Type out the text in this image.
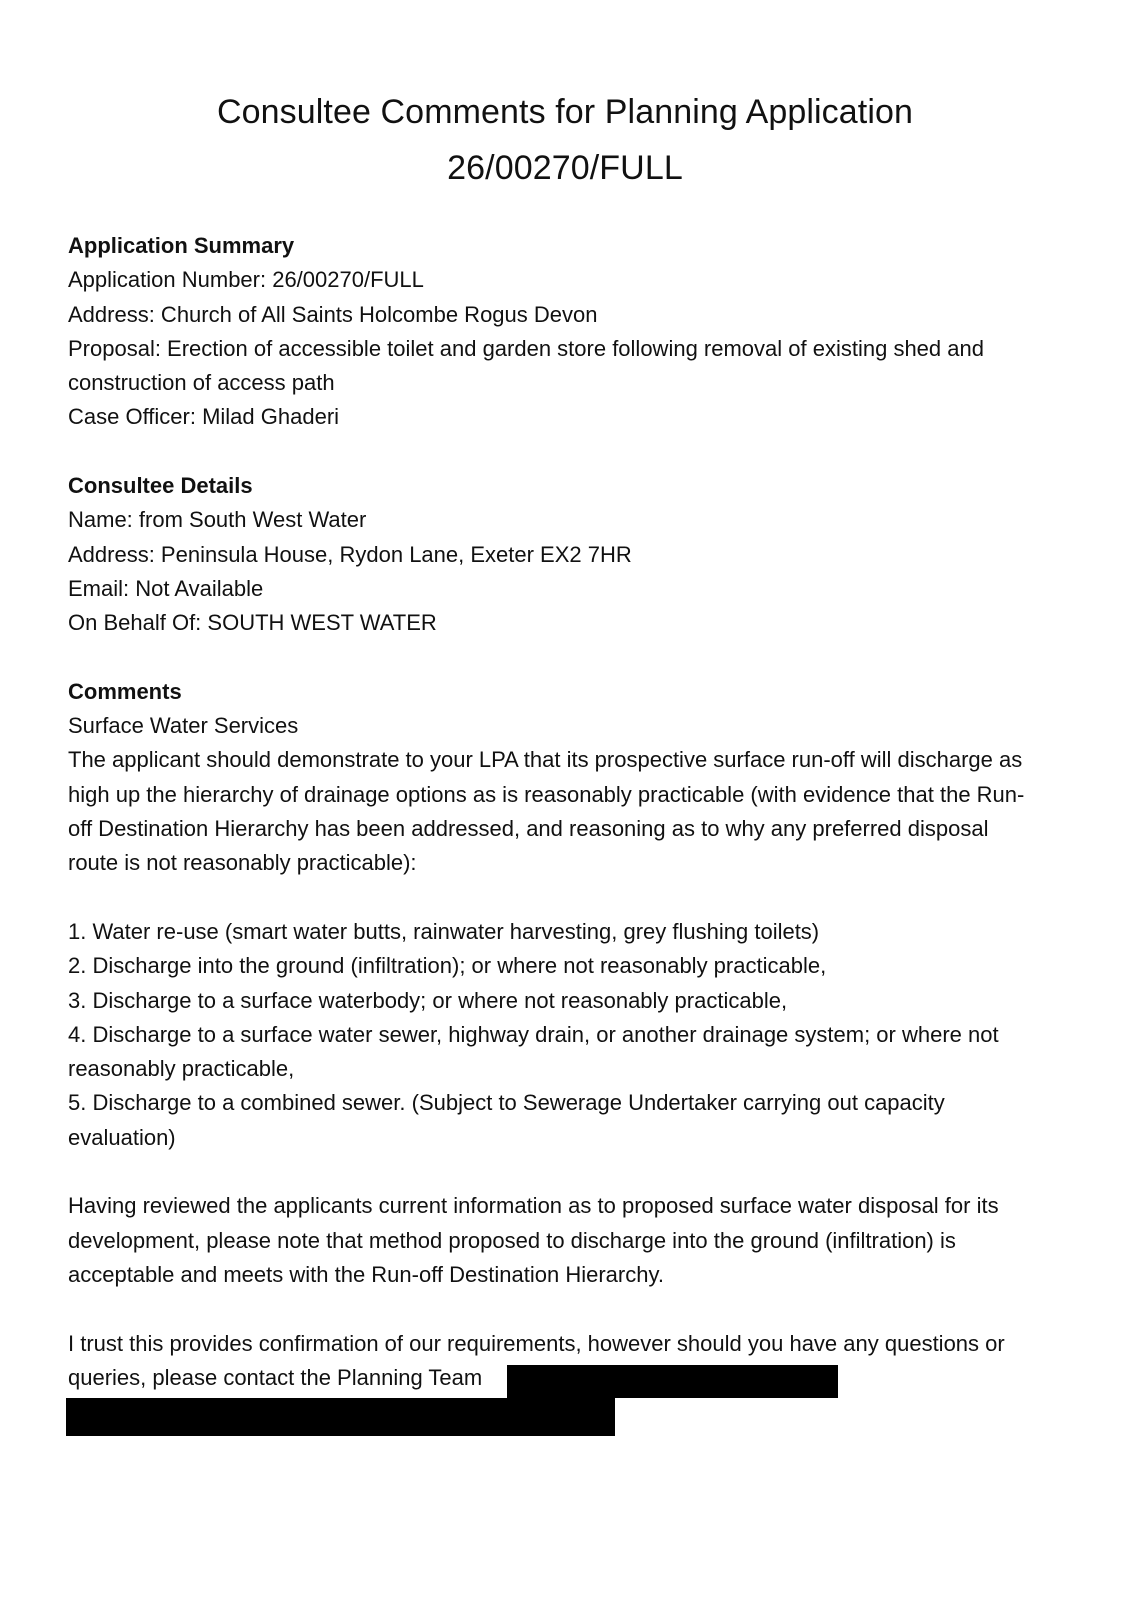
Consultee Comments for Planning Application
26/00270/FULL
Application Summary
Application Number: 26/00270/FULL
Address: Church of All Saints Holcombe Rogus Devon
Proposal: Erection of accessible toilet and garden store following removal of existing shed and
construction of access path
Case Officer: Milad Ghaderi
Consultee Details
Name: from South West Water
Address: Peninsula House, Rydon Lane, Exeter EX2 7HR
Email: Not Available
On Behalf Of: SOUTH WEST WATER
Comments
Surface Water Services
The applicant should demonstrate to your LPA that its prospective surface run-off will discharge as
high up the hierarchy of drainage options as is reasonably practicable (with evidence that the Run-
off Destination Hierarchy has been addressed, and reasoning as to why any preferred disposal
route is not reasonably practicable):
1. Water re-use (smart water butts, rainwater harvesting, grey flushing toilets)
2. Discharge into the ground (infiltration); or where not reasonably practicable,
3. Discharge to a surface waterbody; or where not reasonably practicable,
4. Discharge to a surface water sewer, highway drain, or another drainage system; or where not
reasonably practicable,
5. Discharge to a combined sewer. (Subject to Sewerage Undertaker carrying out capacity
evaluation)
Having reviewed the applicants current information as to proposed surface water disposal for its
development, please note that method proposed to discharge into the ground (infiltration) is
acceptable and meets with the Run-off Destination Hierarchy.
I trust this provides confirmation of our requirements, however should you have any questions or
queries, please contact the Planning Team
